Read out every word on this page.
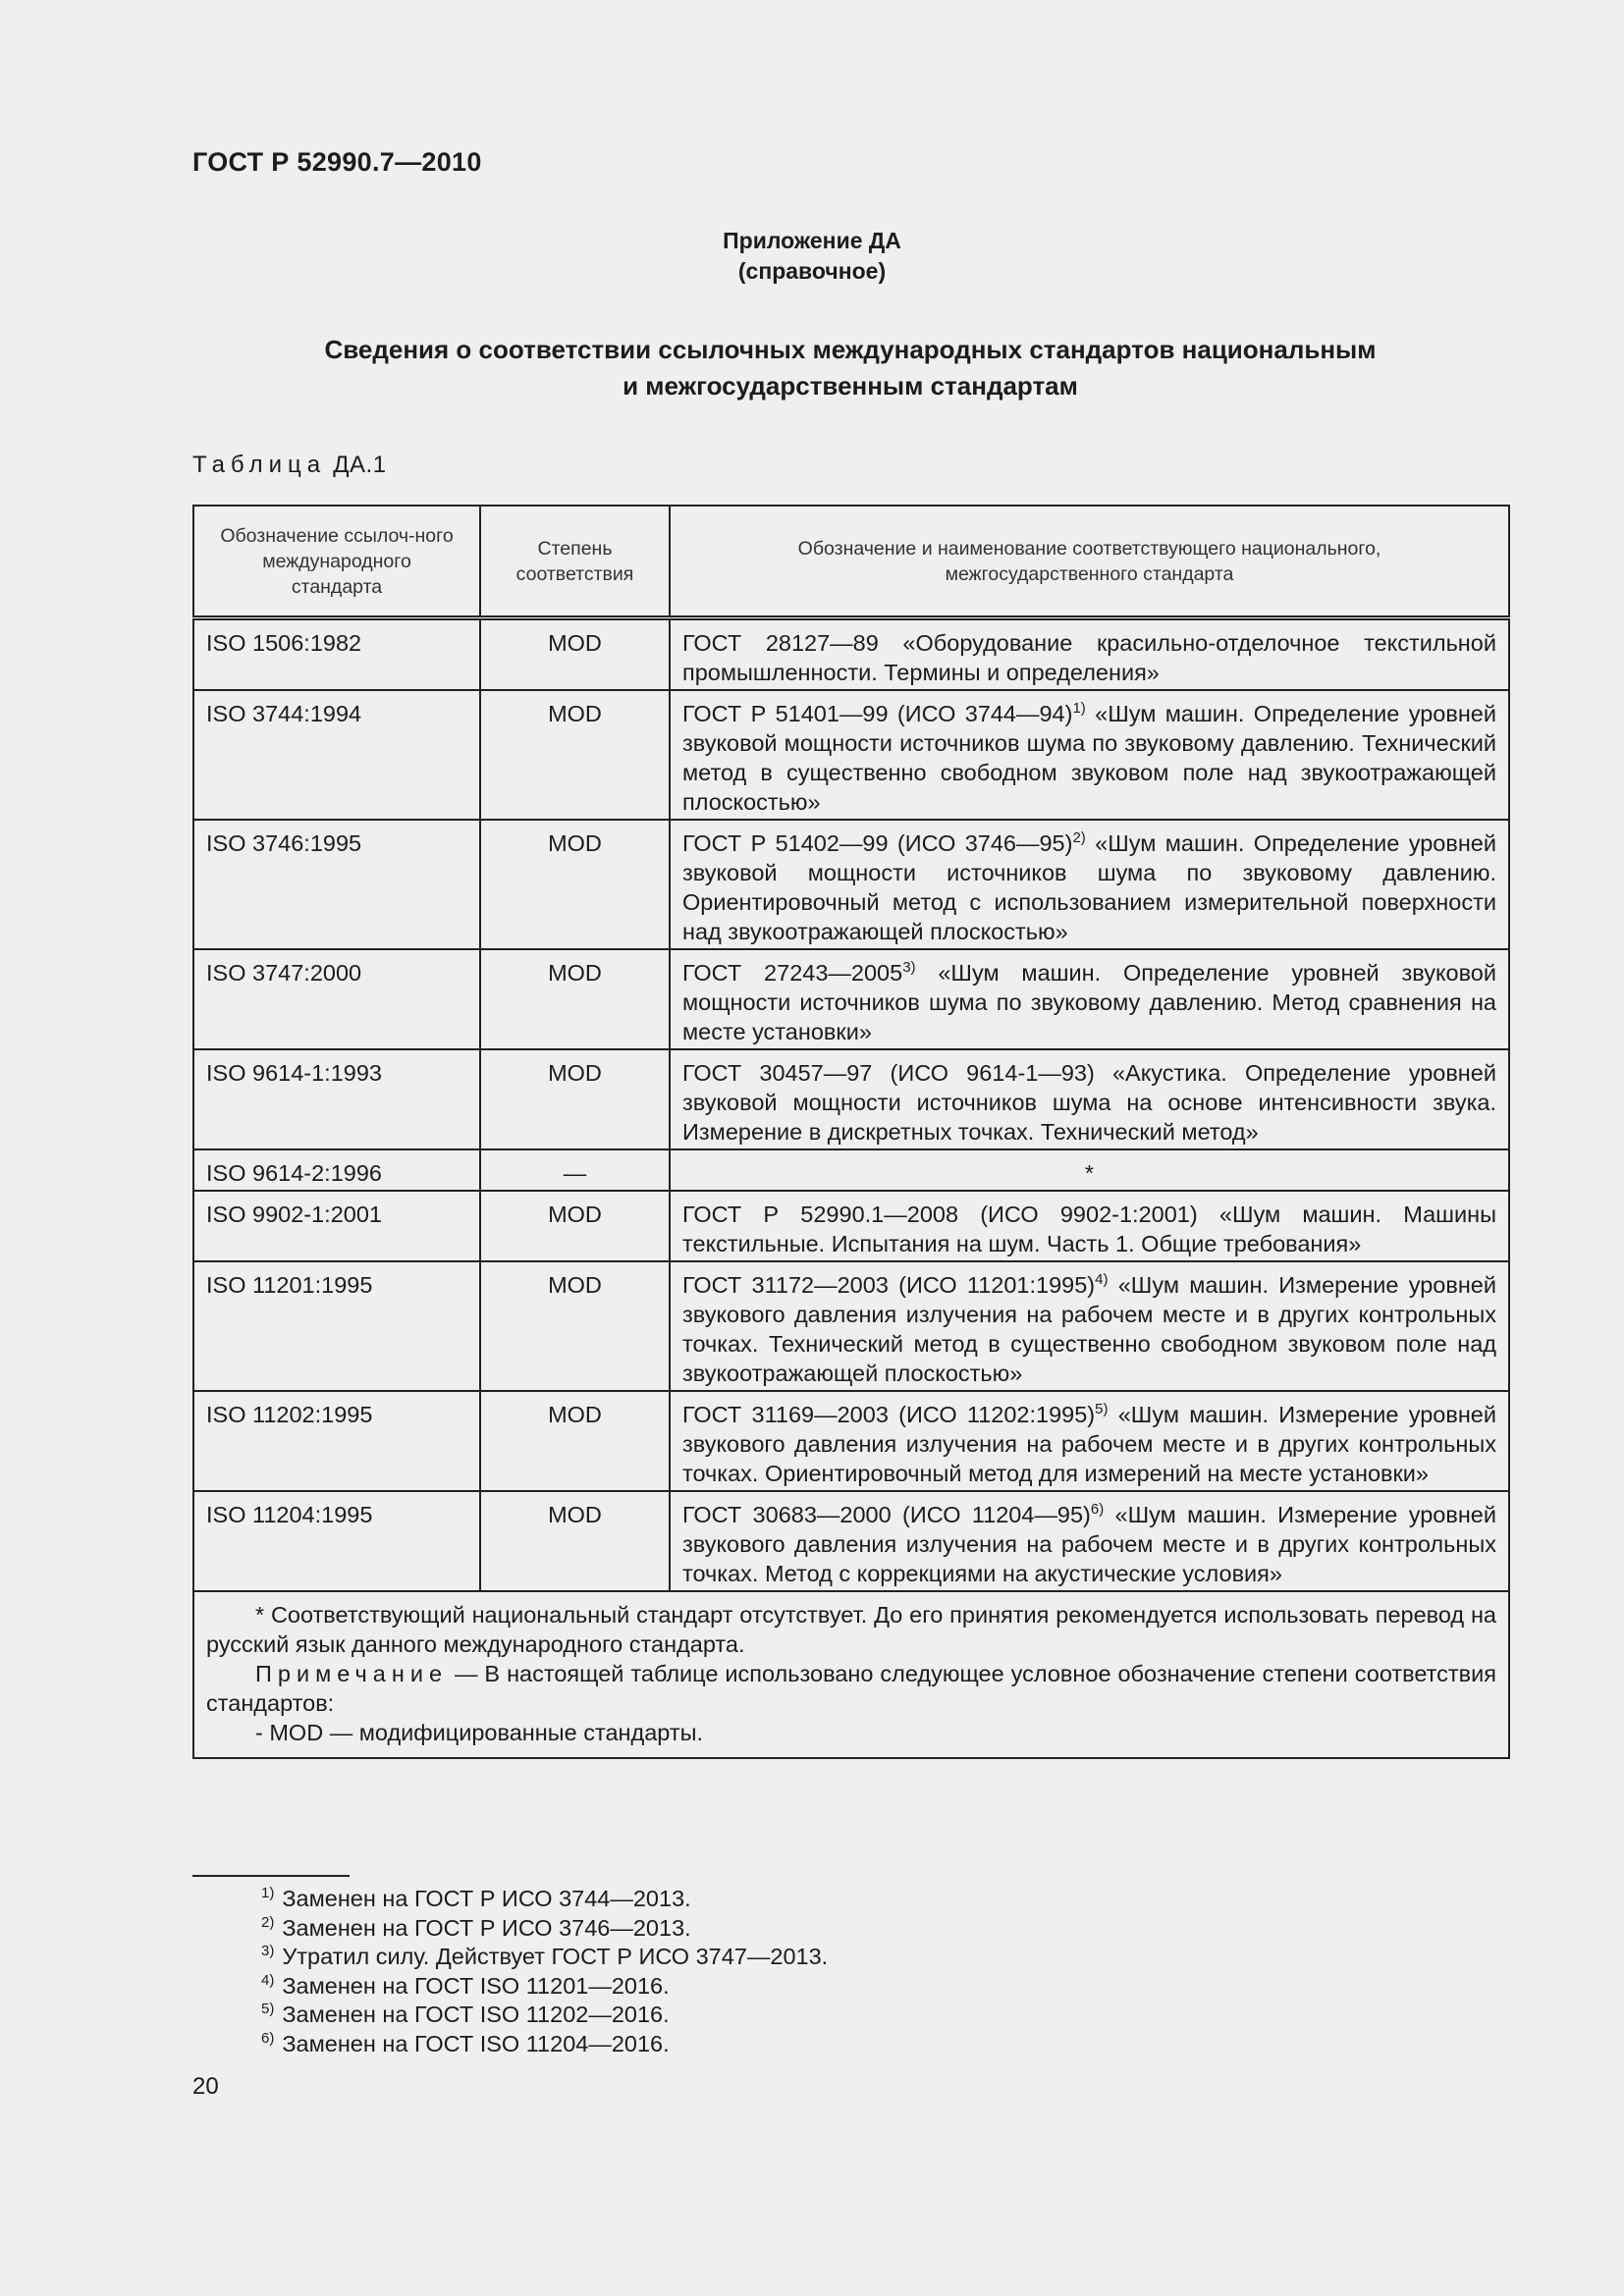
ГОСТ Р 52990.7—2010
Приложение ДА
(справочное)
Сведения о соответствии ссылочных международных стандартов национальным
и межгосударственным стандартам
Таблица ДА.1
Обозначение ссылоч-ного международного стандарта	Степень соответствия	Обозначение и наименование соответствующего национального, межгосударственного стандарта
ISO 1506:1982	MOD	ГОСТ 28127—89 «Оборудование красильно-отделочное текстильной промышленности. Термины и определения»
ISO 3744:1994	MOD	ГОСТ Р 51401—99 (ИСО 3744—94)$^{1)}$ «Шум машин. Определение уровней звуковой мощности источников шума по звуковому давлению. Технический метод в существенно свободном звуковом поле над звукоотражающей плоскостью»
ISO 3746:1995	MOD	ГОСТ Р 51402—99 (ИСО 3746—95)$^{2)}$ «Шум машин. Определение уровней звуковой мощности источников шума по звуковому давлению. Ориентировочный метод с использованием измерительной поверхности над звукоотражающей плоскостью»
ISO 3747:2000	MOD	ГОСТ 27243—2005$^{3)}$ «Шум машин. Определение уровней звуковой мощности источников шума по звуковому давлению. Метод сравнения на месте установки»
ISO 9614-1:1993	MOD	ГОСТ 30457—97 (ИСО 9614-1—93) «Акустика. Определение уровней звуковой мощности источников шума на основе интенсивности звука. Измерение в дискретных точках. Технический метод»
ISO 9614-2:1996	—	*
ISO 9902-1:2001	MOD	ГОСТ Р 52990.1—2008 (ИСО 9902-1:2001) «Шум машин. Машины текстильные. Испытания на шум. Часть 1. Общие требования»
ISO 11201:1995	MOD	ГОСТ 31172—2003 (ИСО 11201:1995)$^{4)}$ «Шум машин. Измерение уровней звукового давления излучения на рабочем месте и в других контрольных точках. Технический метод в существенно свободном звуковом поле над звукоотражающей плоскостью»
ISO 11202:1995	MOD	ГОСТ 31169—2003 (ИСО 11202:1995)$^{5)}$ «Шум машин. Измерение уровней звукового давления излучения на рабочем месте и в других контрольных точках. Ориентировочный метод для измерений на месте установки»
ISO 11204:1995	MOD	ГОСТ 30683—2000 (ИСО 11204—95)$^{6)}$ «Шум машин. Измерение уровней звукового давления излучения на рабочем месте и в других контрольных точках. Метод с коррекциями на акустические условия»

* Соответствующий национальный стандарт отсутствует. До его принятия рекомендуется использовать перевод на русский язык данного международного стандарта.

Примечание — В настоящей таблице использовано следующее условное обозначение степени соответствия стандартов:

- MOD — модифицированные стандарты.		

$^{1)}$ Заменен на ГОСТ Р ИСО 3744—2013.

$^{2)}$ Заменен на ГОСТ Р ИСО 3746—2013.

$^{3)}$ Утратил силу. Действует ГОСТ Р ИСО 3747—2013.

$^{4)}$ Заменен на ГОСТ ISO 11201—2016.

$^{5)}$ Заменен на ГОСТ ISO 11202—2016.

$^{6)}$ Заменен на ГОСТ ISO 11204—2016.

20
